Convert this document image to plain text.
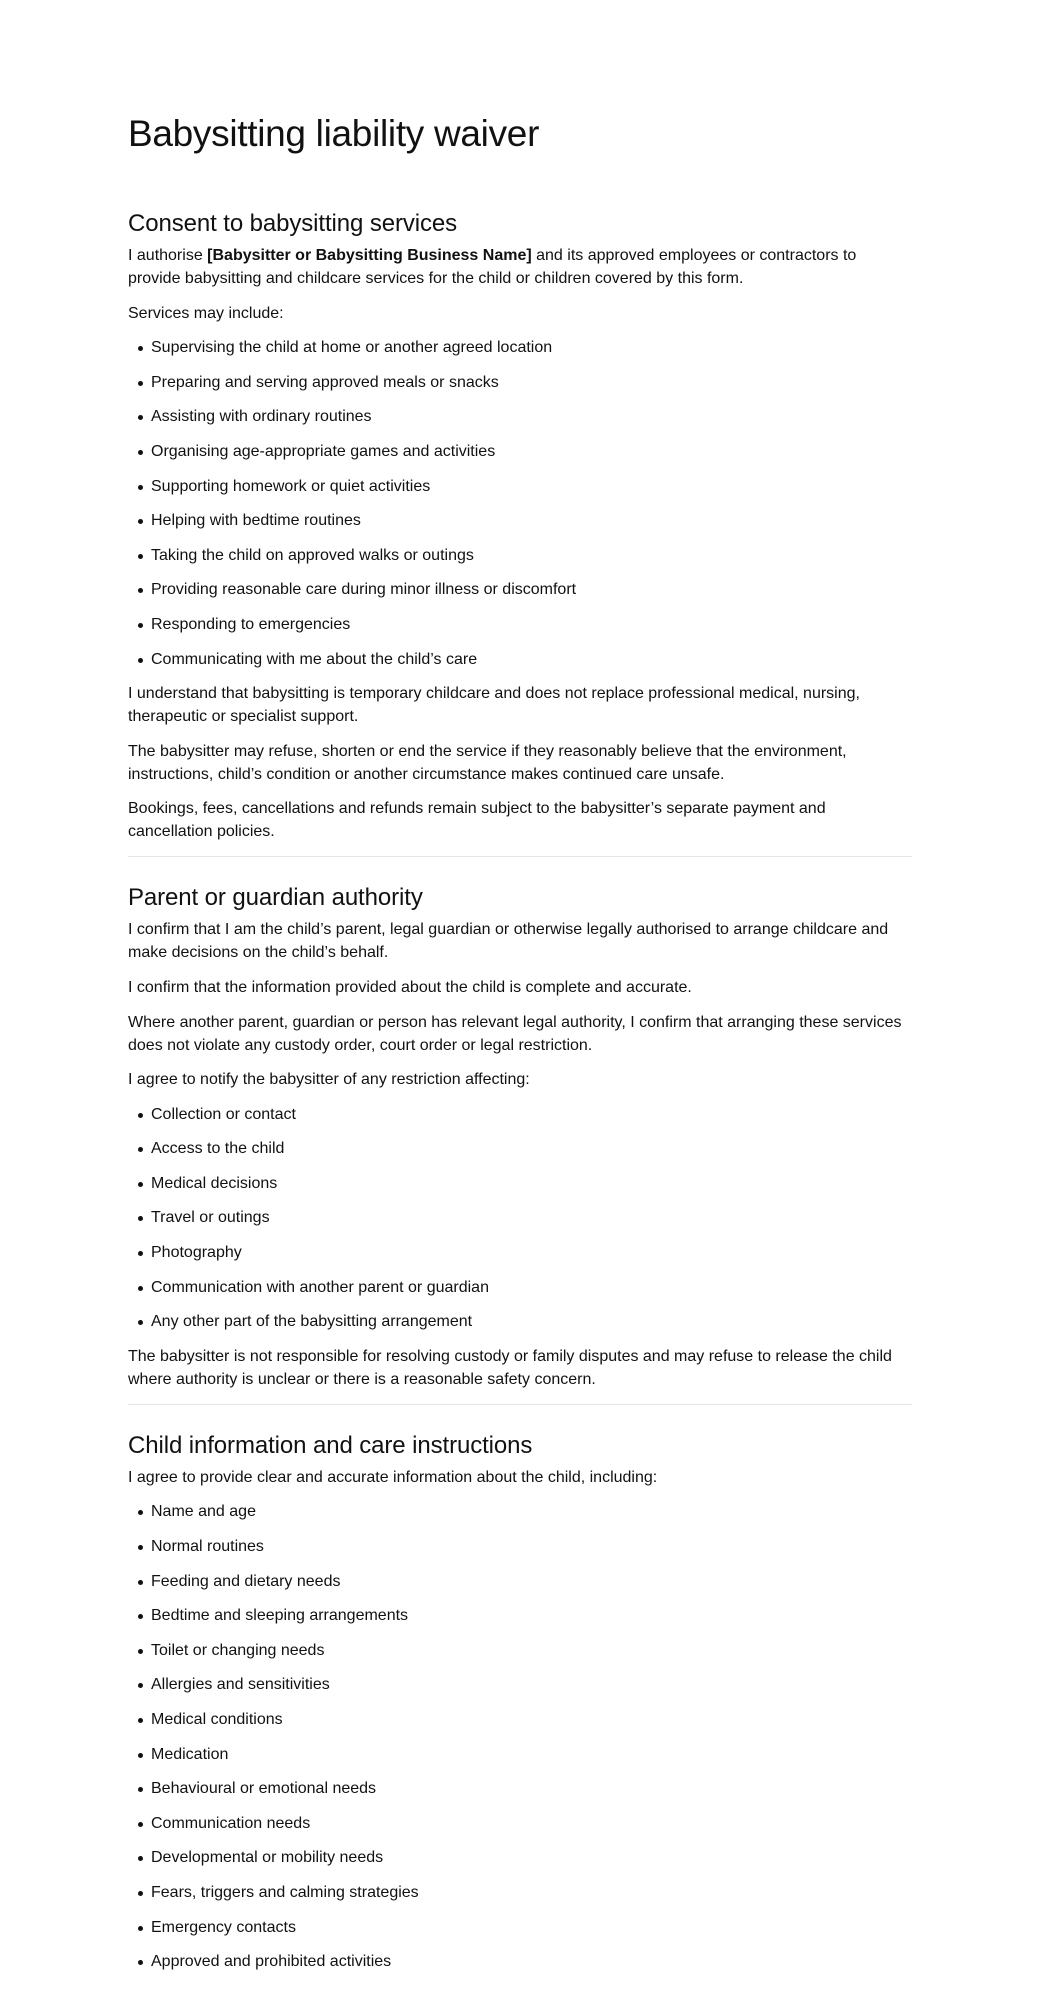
Babysitting liability waiver
Consent to babysitting services

I authorise [Babysitter or Babysitting Business Name] and its approved employees or contractors to provide babysitting and childcare services for the child or children covered by this form.

Services may include:

Supervising the child at home or another agreed location
Preparing and serving approved meals or snacks
Assisting with ordinary routines
Organising age-appropriate games and activities
Supporting homework or quiet activities
Helping with bedtime routines
Taking the child on approved walks or outings
Providing reasonable care during minor illness or discomfort
Responding to emergencies
Communicating with me about the child’s care

I understand that babysitting is temporary childcare and does not replace professional medical, nursing, therapeutic or specialist support.

The babysitter may refuse, shorten or end the service if they reasonably believe that the environment, instructions, child’s condition or another circumstance makes continued care unsafe.

Bookings, fees, cancellations and refunds remain subject to the babysitter’s separate payment and cancellation policies.

Parent or guardian authority

I confirm that I am the child’s parent, legal guardian or otherwise legally authorised to arrange childcare and make decisions on the child’s behalf.

I confirm that the information provided about the child is complete and accurate.

Where another parent, guardian or person has relevant legal authority, I confirm that arranging these services does not violate any custody order, court order or legal restriction.

I agree to notify the babysitter of any restriction affecting:

Collection or contact
Access to the child
Medical decisions
Travel or outings
Photography
Communication with another parent or guardian
Any other part of the babysitting arrangement

The babysitter is not responsible for resolving custody or family disputes and may refuse to release the child where authority is unclear or there is a reasonable safety concern.

Child information and care instructions

I agree to provide clear and accurate information about the child, including:

Name and age
Normal routines
Feeding and dietary needs
Bedtime and sleeping arrangements
Toilet or changing needs
Allergies and sensitivities
Medical conditions
Medication
Behavioural or emotional needs
Communication needs
Developmental or mobility needs
Fears, triggers and calming strategies
Emergency contacts
Approved and prohibited activities
